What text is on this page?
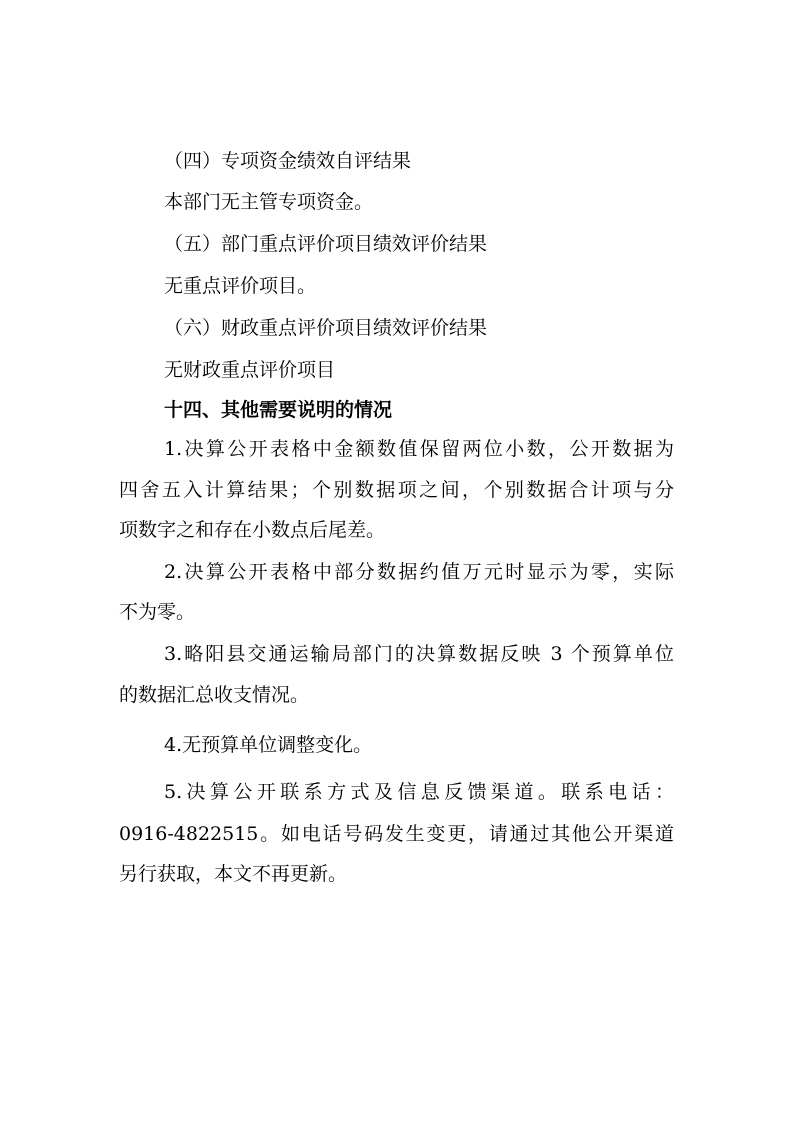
（四）专项资金绩效自评结果

本部门无主管专项资金。

（五）部门重点评价项目绩效评价结果

无重点评价项目。

（六）财政重点评价项目绩效评价结果

无财政重点评价项目

十四、其他需要说明的情况

1.决算公开表格中金额数值保留两位小数，公开数据为

四舍五入计算结果；个别数据项之间，个别数据合计项与分

项数字之和存在小数点后尾差。

2.决算公开表格中部分数据约值万元时显示为零，实际

不为零。

3.略阳县交通运输局部门的决算数据反映 3 个预算单位

的数据汇总收支情况。

4.无预算单位调整变化。

5.决算公开联系方式及信息反馈渠道。联系电话：

0916-4822515。如电话号码发生变更，请通过其他公开渠道

另行获取，本文不再更新。
